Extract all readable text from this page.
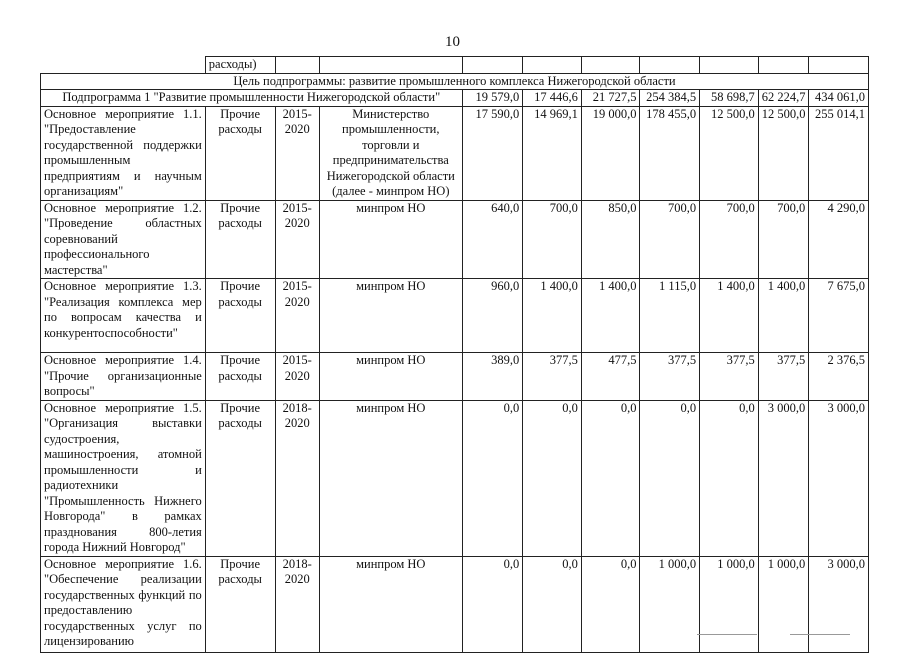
10
	расходы)									
Цель подпрограммы: развитие промышленного комплекса Нижегородской области										
Подпрограмма 1 "Развитие промышленности Нижегородской области"				19 579,0	17 446,6	21 727,5	254 384,5	58 698,7	62 224,7	434 061,0
Основное мероприятие 1.1. "Предоставление государственной поддержки промышленным предприятиям и научным организациям"	Прочие расходы	2015-2020	Министерство промышленности, торговли и предпринимательства Нижегородской области (далее - минпром НО)	17 590,0	14 969,1	19 000,0	178 455,0	12 500,0	12 500,0	255 014,1
Основное мероприятие 1.2. "Проведение областных соревнований профессионального мастерства"	Прочие расходы	2015-2020	минпром НО	640,0	700,0	850,0	700,0	700,0	700,0	4 290,0
Основное мероприятие 1.3. "Реализация комплекса мер по вопросам качества и конкурентоспособности"	Прочие расходы	2015-2020	минпром НО	960,0	1 400,0	1 400,0	1 115,0	1 400,0	1 400,0	7 675,0
Основное мероприятие 1.4. "Прочие организационные вопросы"	Прочие расходы	2015-2020	минпром НО	389,0	377,5	477,5	377,5	377,5	377,5	2 376,5
Основное мероприятие 1.5. "Организация выставки судостроения, машиностроения, атомной промышленности и радиотехники "Промышленность Нижнего Новгорода" в рамках празднования 800-летия города Нижний Новгород"	Прочие расходы	2018-2020	минпром НО	0,0	0,0	0,0	0,0	0,0	3 000,0	3 000,0
Основное мероприятие 1.6. "Обеспечение реализации государственных функций по предоставлению государственных услуг по лицензированию	Прочие расходы	2018-2020	минпром НО	0,0	0,0	0,0	1 000,0	1 000,0	1 000,0	3 000,0
